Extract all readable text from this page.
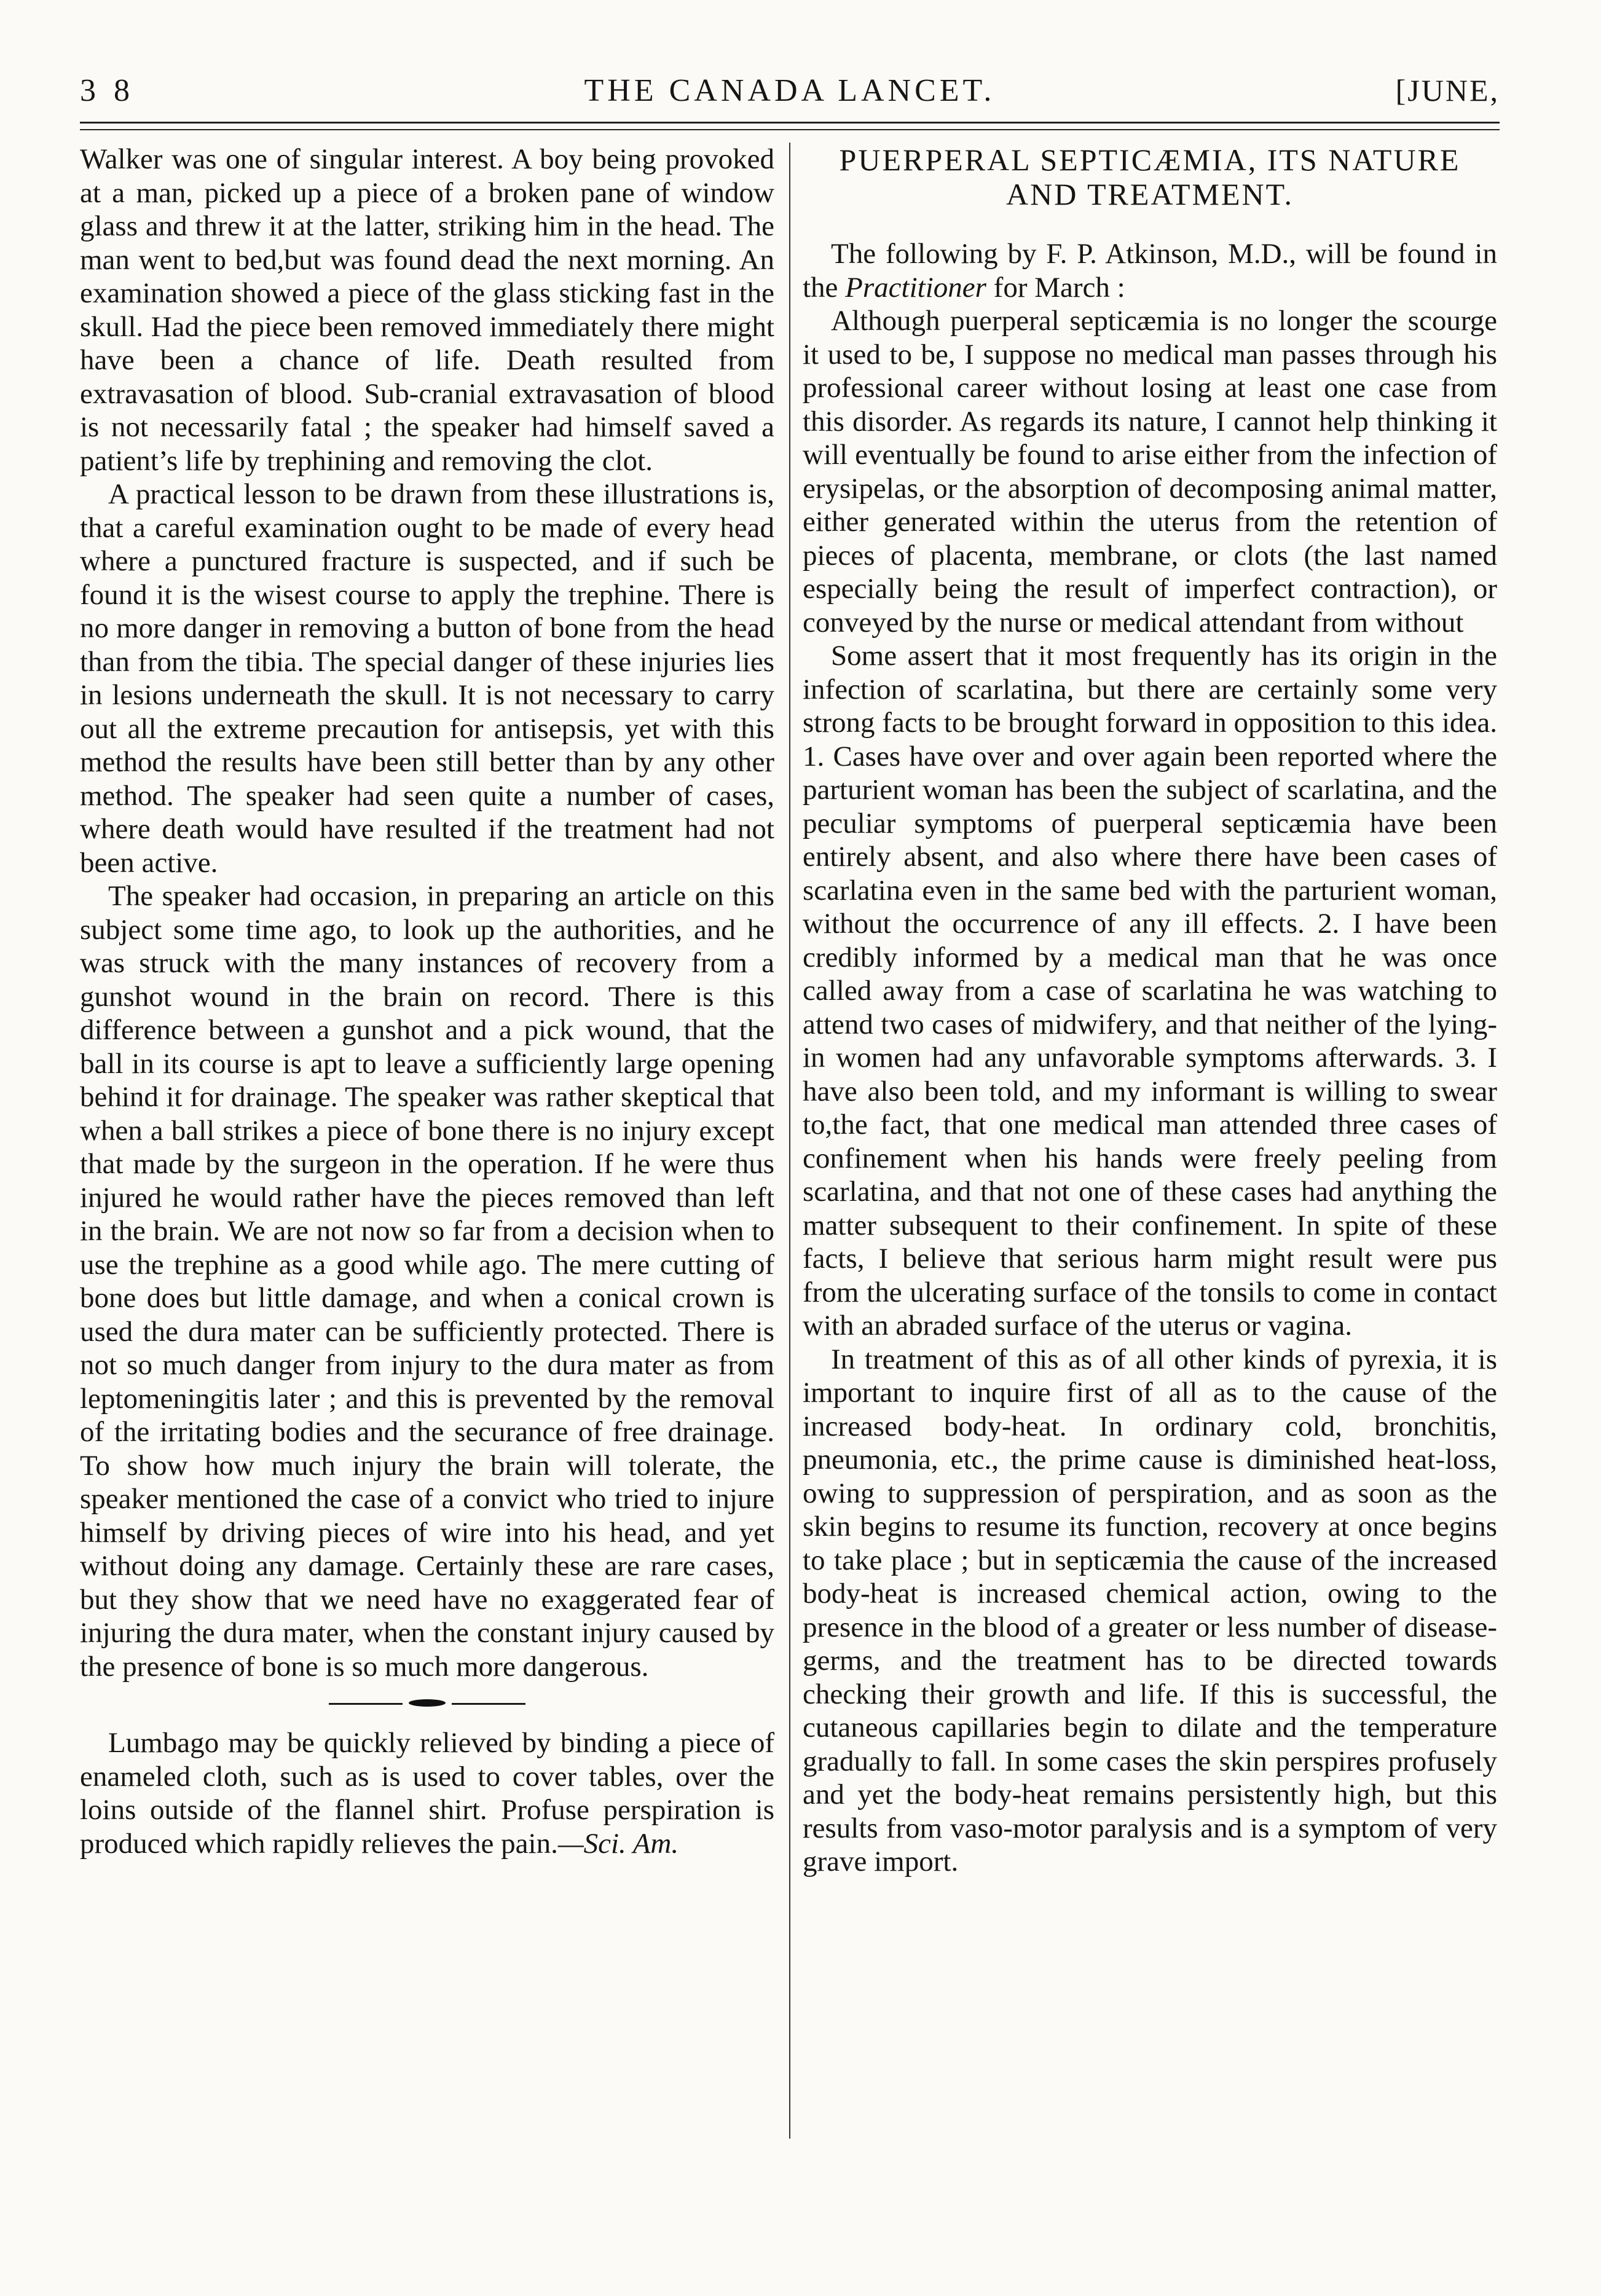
3 8	THE CANADA LANCET.	[JUNE,

Walker was one of singular interest. A boy being provoked at a man, picked up a piece of a broken pane of window glass and threw it at the latter, striking him in the head. The man went to bed,but was found dead the next morning. An examination showed a piece of the glass sticking fast in the skull. Had the piece been removed immediately there might have been a chance of life. Death resulted from extravasation of blood. Sub-cranial extravasation of blood is not necessarily fatal ; the speaker had himself saved a patient’s life by trephining and removing the clot.

A practical lesson to be drawn from these illustrations is, that a careful examination ought to be made of every head where a punctured fracture is suspected, and if such be found it is the wisest course to apply the trephine. There is no more danger in removing a button of bone from the head than from the tibia. The special danger of these injuries lies in lesions underneath the skull. It is not necessary to carry out all the extreme precaution for antisepsis, yet with this method the results have been still better than by any other method. The speaker had seen quite a number of cases, where death would have resulted if the treatment had not been active.

The speaker had occasion, in preparing an article on this subject some time ago, to look up the authorities, and he was struck with the many instances of recovery from a gunshot wound in the brain on record. There is this difference between a gunshot and a pick wound, that the ball in its course is apt to leave a sufficiently large opening behind it for drainage. The speaker was rather skeptical that when a ball strikes a piece of bone there is no injury except that made by the surgeon in the operation. If he were thus injured he would rather have the pieces removed than left in the brain. We are not now so far from a decision when to use the trephine as a good while ago. The mere cutting of bone does but little damage, and when a conical crown is used the dura mater can be sufficiently protected. There is not so much danger from injury to the dura mater as from leptomeningitis later ; and this is prevented by the removal of the irritating bodies and the securance of free drainage. To show how much injury the brain will tolerate, the speaker mentioned the case of a convict who tried to injure himself by driving pieces of wire into his head, and yet without doing any damage. Certainly these are rare cases, but they show that we need have no exaggerated fear of injuring the dura mater, when the constant injury caused by the presence of bone is so much more dangerous.

Lumbago may be quickly relieved by binding a piece of enameled cloth, such as is used to cover tables, over the loins outside of the flannel shirt. Profuse perspiration is produced which rapidly relieves the pain.—Sci. Am.

PUERPERAL SEPTICÆMIA, ITS NATURE AND TREATMENT.

The following by F. P. Atkinson, M.D., will be found in the Practitioner for March :

Although puerperal septicæmia is no longer the scourge it used to be, I suppose no medical man passes through his professional career without losing at least one case from this disorder. As regards its nature, I cannot help thinking it will eventually be found to arise either from the infection of erysipelas, or the absorption of decomposing animal matter, either generated within the uterus from the retention of pieces of placenta, membrane, or clots (the last named especially being the result of imperfect contraction), or conveyed by the nurse or medical attendant from without

Some assert that it most frequently has its origin in the infection of scarlatina, but there are certainly some very strong facts to be brought forward in opposition to this idea. 1. Cases have over and over again been reported where the parturient woman has been the subject of scarlatina, and the peculiar symptoms of puerperal septicæmia have been entirely absent, and also where there have been cases of scarlatina even in the same bed with the parturient woman, without the occurrence of any ill effects. 2. I have been credibly informed by a medical man that he was once called away from a case of scarlatina he was watching to attend two cases of midwifery, and that neither of the lying-in women had any unfavorable symptoms afterwards. 3. I have also been told, and my informant is willing to swear to,the fact, that one medical man attended three cases of confinement when his hands were freely peeling from scarlatina, and that not one of these cases had anything the matter subsequent to their confinement. In spite of these facts, I believe that serious harm might result were pus from the ulcerating surface of the tonsils to come in contact with an abraded surface of the uterus or vagina.

In treatment of this as of all other kinds of pyrexia, it is important to inquire first of all as to the cause of the increased body-heat. In ordinary cold, bronchitis, pneumonia, etc., the prime cause is diminished heat-loss, owing to suppression of perspiration, and as soon as the skin begins to resume its function, recovery at once begins to take place ; but in septicæmia the cause of the increased body-heat is increased chemical action, owing to the presence in the blood of a greater or less number of disease-germs, and the treatment has to be directed towards checking their growth and life. If this is successful, the cutaneous capillaries begin to dilate and the temperature gradually to fall. In some cases the skin perspires profusely and yet the body-heat remains persistently high, but this results from vaso-motor paralysis and is a symptom of very grave import.
